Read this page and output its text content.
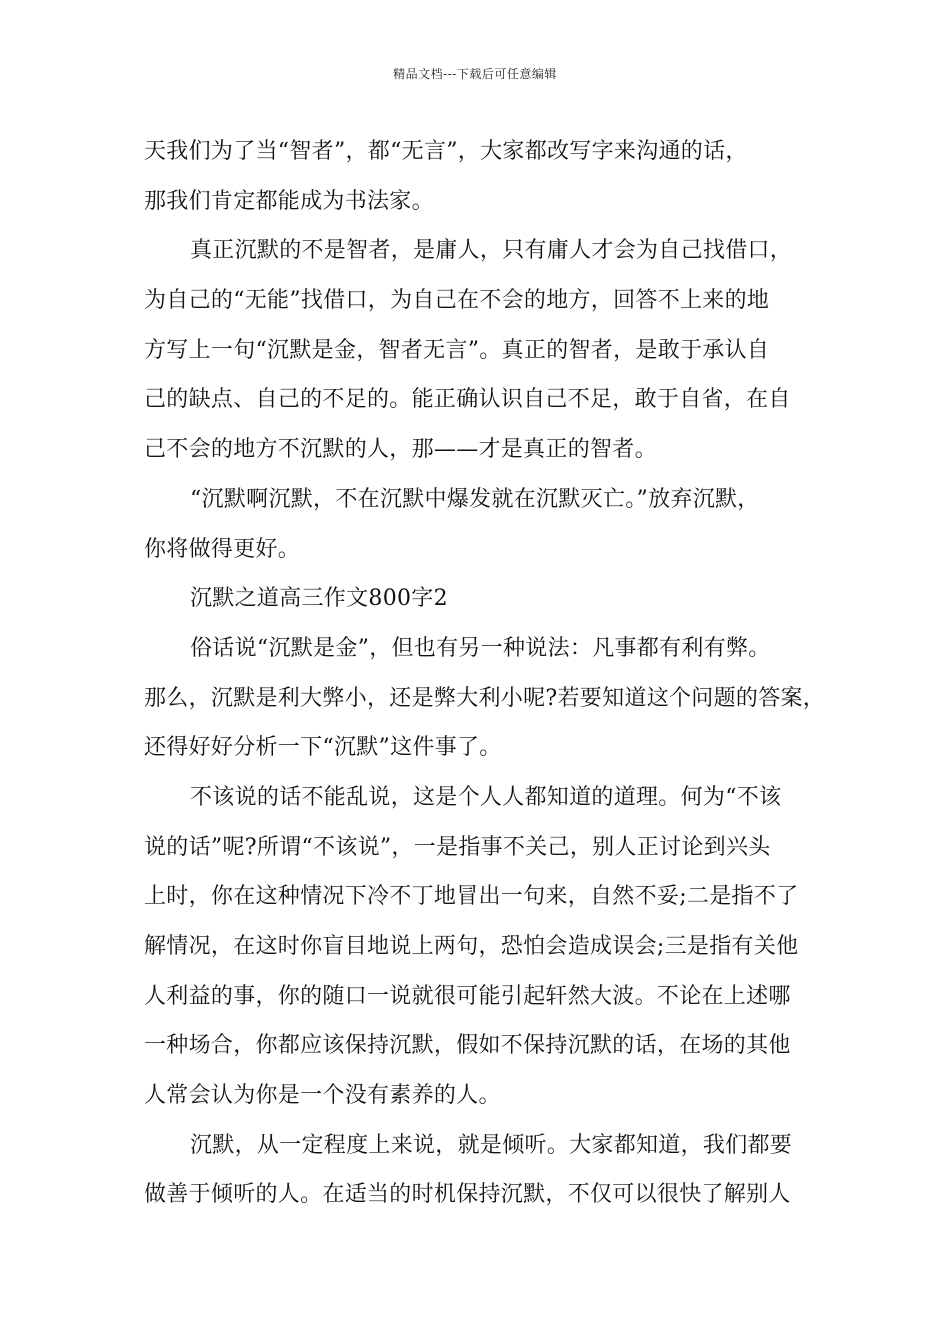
精品文档---下载后可任意编辑
天我们为了当“智者”，都“无言”，大家都改写字来沟通的话，
那我们肯定都能成为书法家。
真正沉默的不是智者，是庸人，只有庸人才会为自己找借口，
为自己的“无能”找借口，为自己在不会的地方，回答不上来的地
方写上一句“沉默是金，智者无言”。真正的智者，是敢于承认自
己的缺点、自己的不足的。能正确认识自己不足，敢于自省，在自
己不会的地方不沉默的人，那——才是真正的智者。
“沉默啊沉默，不在沉默中爆发就在沉默灭亡。”放弃沉默，
你将做得更好。
沉默之道高三作文800字2
俗话说“沉默是金”，但也有另一种说法：凡事都有利有弊。
那么，沉默是利大弊小，还是弊大利小呢?若要知道这个问题的答案，
还得好好分析一下“沉默”这件事了。
不该说的话不能乱说，这是个人人都知道的道理。何为“不该
说的话”呢?所谓“不该说”，一是指事不关己，别人正讨论到兴头
上时，你在这种情况下冷不丁地冒出一句来，自然不妥;二是指不了
解情况，在这时你盲目地说上两句，恐怕会造成误会;三是指有关他
人利益的事，你的随口一说就很可能引起轩然大波。不论在上述哪
一种场合，你都应该保持沉默，假如不保持沉默的话，在场的其他
人常会认为你是一个没有素养的人。
沉默，从一定程度上来说，就是倾听。大家都知道，我们都要
做善于倾听的人。在适当的时机保持沉默，不仅可以很快了解别人
